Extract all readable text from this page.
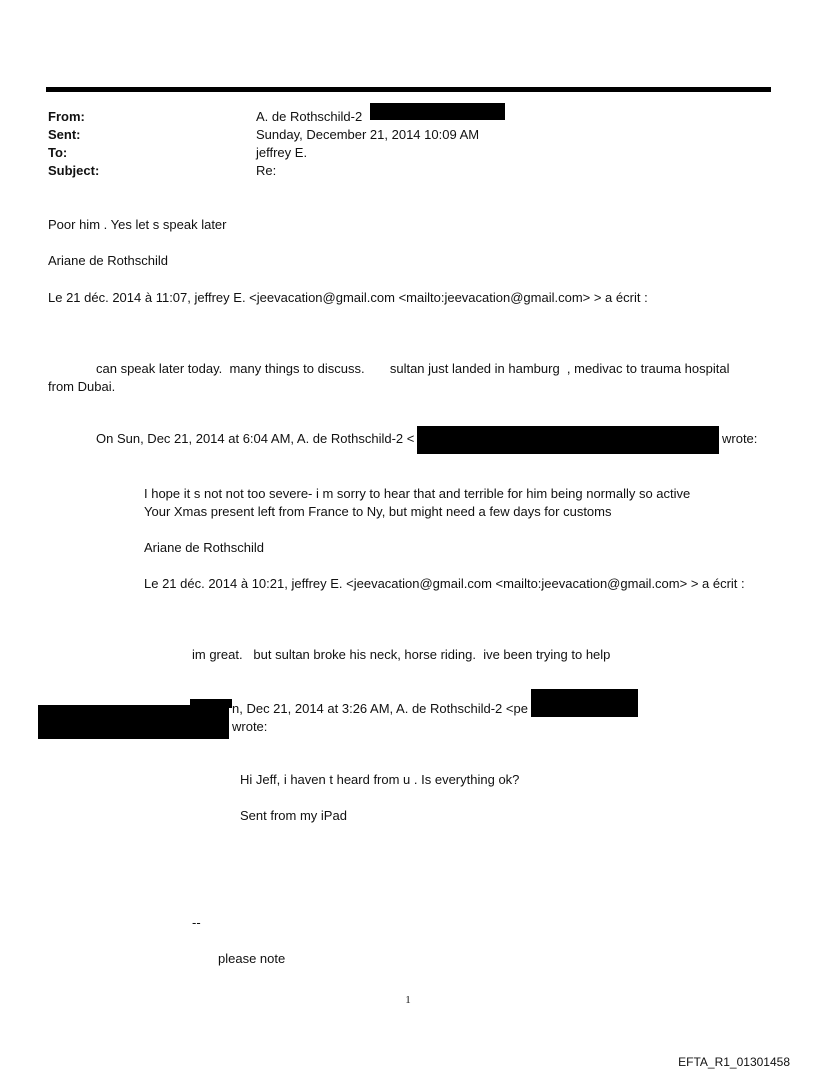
From:	A. de Rothschild-2
Sent:	Sunday, December 21, 2014 10:09 AM
To:	jeffrey E.
Subject:	Re:
Poor him . Yes let s speak later
Ariane de Rothschild
Le 21 déc. 2014 à 11:07, jeffrey E. <jeevacation@gmail.com <mailto:jeevacation@gmail.com> > a écrit :
can speak later today.  many things to discuss.       sultan just landed in hamburg  , medivac to trauma hospital
from Dubai.
On Sun, Dec 21, 2014 at 6:04 AM, A. de Rothschild-2 <	wrote:
I hope it s not not too severe- i m sorry to hear that and terrible for him being normally so active
Your Xmas present left from France to Ny, but might need a few days for customs
Ariane de Rothschild
Le 21 déc. 2014 à 10:21, jeffrey E. <jeevacation@gmail.com <mailto:jeevacation@gmail.com> > a écrit :
im great.   but sultan broke his neck, horse riding.  ive been trying to help
n, Dec 21, 2014 at 3:26 AM, A. de Rothschild-2 <pe
wrote:
Hi Jeff, i haven t heard from u . Is everything ok?
Sent from my iPad
--
please note
1
EFTA_R1_01301458
